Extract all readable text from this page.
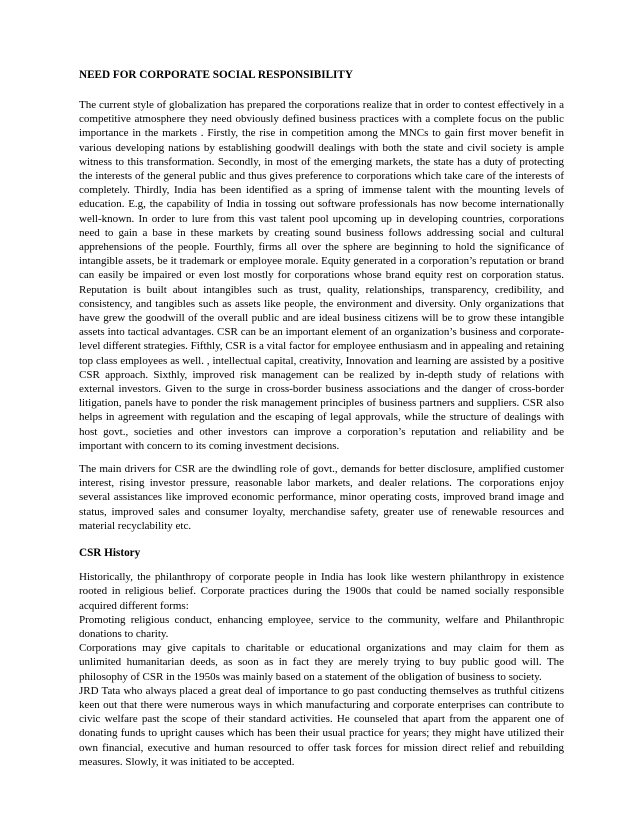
NEED FOR CORPORATE SOCIAL RESPONSIBILITY

The current style of globalization has prepared the corporations realize that in order to contest effectively in a competitive atmosphere they need obviously defined business practices with a complete focus on the public importance in the markets . Firstly, the rise in competition among the MNCs to gain first mover benefit in various developing nations by establishing goodwill dealings with both the state and civil society is ample witness to this transformation. Secondly, in most of the emerging markets, the state has a duty of protecting the interests of the general public and thus gives preference to corporations which take care of the interests of completely. Thirdly, India has been identified as a spring of immense talent with the mounting levels of education. E.g, the capability of India in tossing out software professionals has now become internationally well-known. In order to lure from this vast talent pool upcoming up in developing countries, corporations need to gain a base in these markets by creating sound business follows addressing social and cultural apprehensions of the people. Fourthly, firms all over the sphere are beginning to hold the significance of intangible assets, be it trademark or employee morale. Equity generated in a corporation’s reputation or brand can easily be impaired or even lost mostly for corporations whose brand equity rest on corporation status. Reputation is built about intangibles such as trust, quality, relationships, transparency, credibility, and consistency, and tangibles such as assets like people, the environment and diversity. Only organizations that have grew the goodwill of the overall public and are ideal business citizens will be to grow these intangible assets into tactical advantages. CSR can be an important element of an organization’s business and corporate-level different strategies. Fifthly, CSR is a vital factor for employee enthusiasm and in appealing and retaining top class employees as well. , intellectual capital, creativity, Innovation and learning are assisted by a positive CSR approach. Sixthly, improved risk management can be realized by in-depth study of relations with external investors. Given to the surge in cross-border business associations and the danger of cross-border litigation, panels have to ponder the risk management principles of business partners and suppliers. CSR also helps in agreement with regulation and the escaping of legal approvals, while the structure of dealings with host govt., societies and other investors can improve a corporation’s reputation and reliability and be important with concern to its coming investment decisions.

The main drivers for CSR are the dwindling role of govt., demands for better disclosure, amplified customer interest, rising investor pressure, reasonable labor markets, and dealer relations. The corporations enjoy several assistances like improved economic performance, minor operating costs, improved brand image and status, improved sales and consumer loyalty, merchandise safety, greater use of renewable resources and material recyclability etc.

CSR History

Historically, the philanthropy of corporate people in India has look like western philanthropy in existence rooted in religious belief. Corporate practices during the 1900s that could be named socially responsible acquired different forms:

Promoting religious conduct, enhancing employee, service to the community, welfare and Philanthropic donations to charity.

Corporations may give capitals to charitable or educational organizations and may claim for them as unlimited humanitarian deeds, as soon as in fact they are merely trying to buy public good will. The philosophy of CSR in the 1950s was mainly based on a statement of the obligation of business to society.

JRD Tata who always placed a great deal of importance to go past conducting themselves as truthful citizens keen out that there were numerous ways in which manufacturing and corporate enterprises can contribute to civic welfare past the scope of their standard activities. He counseled that apart from the apparent one of donating funds to upright causes which has been their usual practice for years; they might have utilized their own financial, executive and human resourced to offer task forces for mission direct relief and rebuilding measures. Slowly, it was initiated to be accepted.
